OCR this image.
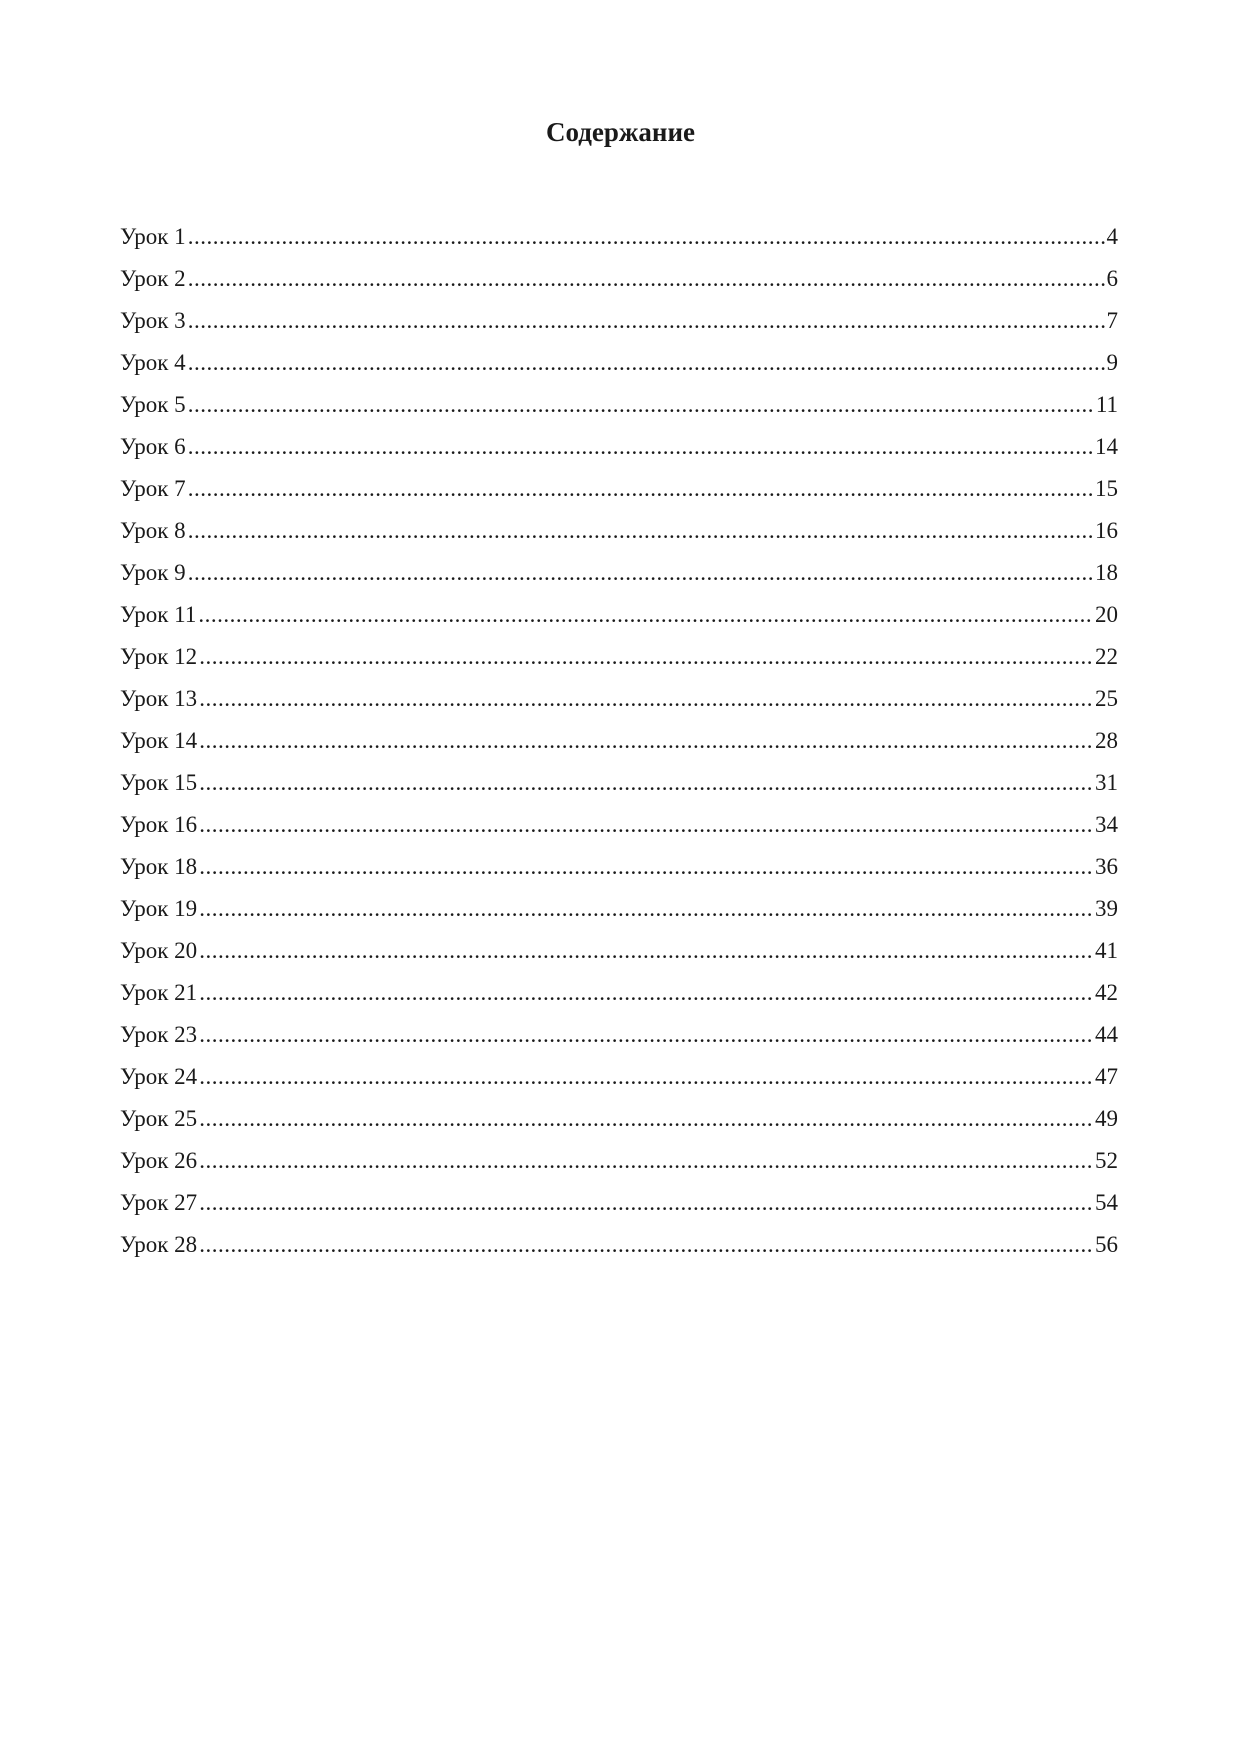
Содержание
Урок 1 .....	4
Урок 2 .....	6
Урок 3 .....	7
Урок 4 .....	9
Урок 5 .....	11
Урок 6 .....	14
Урок 7 .....	15
Урок 8 .....	16
Урок 9 .....	18
Урок 11 .....	20
Урок 12 .....	22
Урок 13 .....	25
Урок 14 .....	28
Урок 15 .....	31
Урок 16 .....	34
Урок 18 .....	36
Урок 19 .....	39
Урок 20 .....	41
Урок 21 .....	42
Урок 23 .....	44
Урок 24 .....	47
Урок 25 .....	49
Урок 26 .....	52
Урок 27 .....	54
Урок 28 .....	56
